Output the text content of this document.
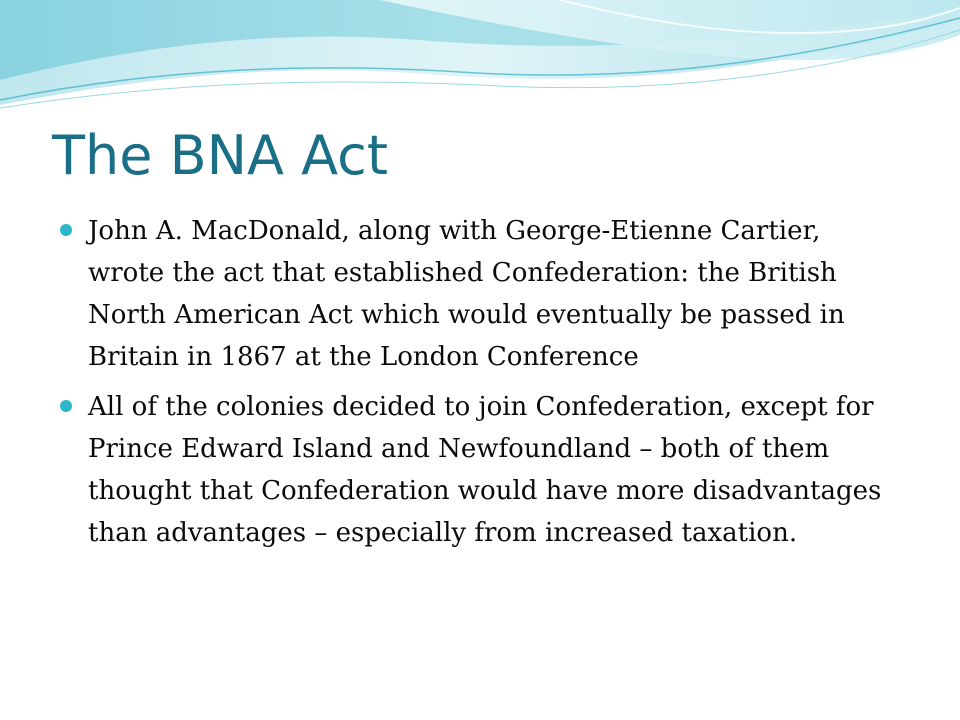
The BNA Act
John A. MacDonald, along with George-Etienne Cartier, wrote the act that established Confederation: the British North American Act which would eventually be passed in Britain in 1867 at the London Conference
All of the colonies decided to join Confederation, except for Prince Edward Island and Newfoundland – both of them thought that Confederation would have more disadvantages than advantages – especially from increased taxation.
